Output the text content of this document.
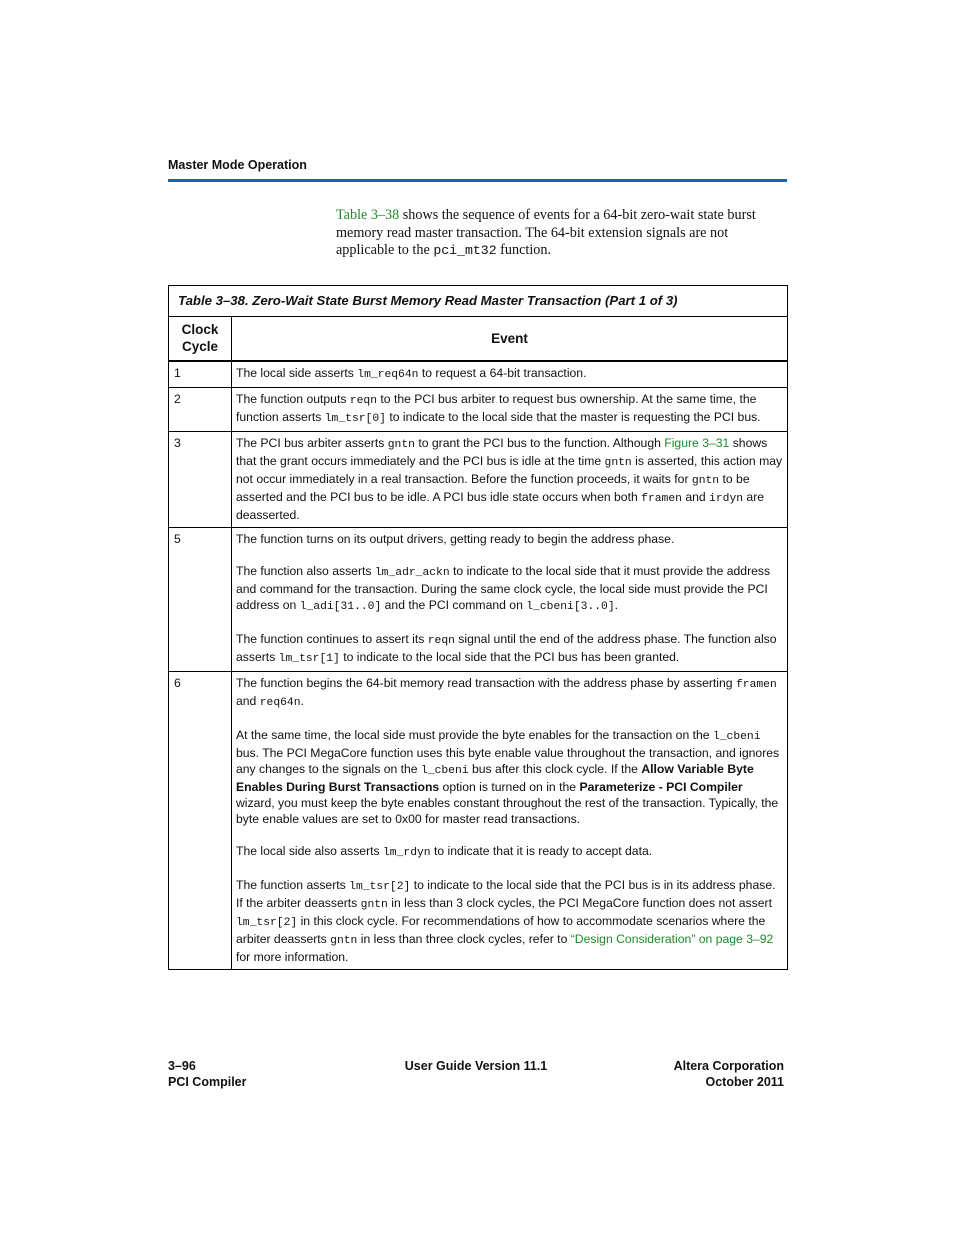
Master Mode Operation

Table 3–38 shows the sequence of events for a 64-bit zero-wait state burst memory read master transaction. The 64-bit extension signals are not applicable to the pci_mt32 function.

Table 3–38. Zero-Wait State Burst Memory Read Master Transaction (Part 1 of 3)	
Clock Cycle	Event
1	The local side asserts lm_req64n to request a 64-bit transaction.

2	The function outputs reqn to the PCI bus arbiter to request bus ownership. At the same time, the function asserts lm_tsr[0] to indicate to the local side that the master is requesting the PCI bus.

3	The PCI bus arbiter asserts gntn to grant the PCI bus to the function. Although Figure 3–31 shows that the grant occurs immediately and the PCI bus is idle at the time gntn is asserted, this action may not occur immediately in a real transaction. Before the function proceeds, it waits for gntn to be asserted and the PCI bus to be idle. A PCI bus idle state occurs when both framen and irdyn are deasserted.

5	The function turns on its output drivers, getting ready to begin the address phase.

The function also asserts lm_adr_ackn to indicate to the local side that it must provide the address and command for the transaction. During the same clock cycle, the local side must provide the PCI address on l_adi[31..0] and the PCI command on l_cbeni[3..0].

The function continues to assert its reqn signal until the end of the address phase. The function also asserts lm_tsr[1] to indicate to the local side that the PCI bus has been granted.

6	The function begins the 64-bit memory read transaction with the address phase by asserting framen and req64n.

At the same time, the local side must provide the byte enables for the transaction on the l_cbeni bus. The PCI MegaCore function uses this byte enable value throughout the transaction, and ignores any changes to the signals on the l_cbeni bus after this clock cycle. If the Allow Variable Byte Enables During Burst Transactions option is turned on in the Parameterize - PCI Compiler wizard, you must keep the byte enables constant throughout the rest of the transaction. Typically, the byte enable values are set to 0x00 for master read transactions.

The local side also asserts lm_rdyn to indicate that it is ready to accept data.

The function asserts lm_tsr[2] to indicate to the local side that the PCI bus is in its address phase. If the arbiter deasserts gntn in less than 3 clock cycles, the PCI MegaCore function does not assert lm_tsr[2] in this clock cycle. For recommendations of how to accommodate scenarios where the arbiter deasserts gntn in less than three clock cycles, refer to “Design Consideration” on page 3–92 for more information.

3–96
PCI Compiler
User Guide Version 11.1	Altera Corporation
October 2011
